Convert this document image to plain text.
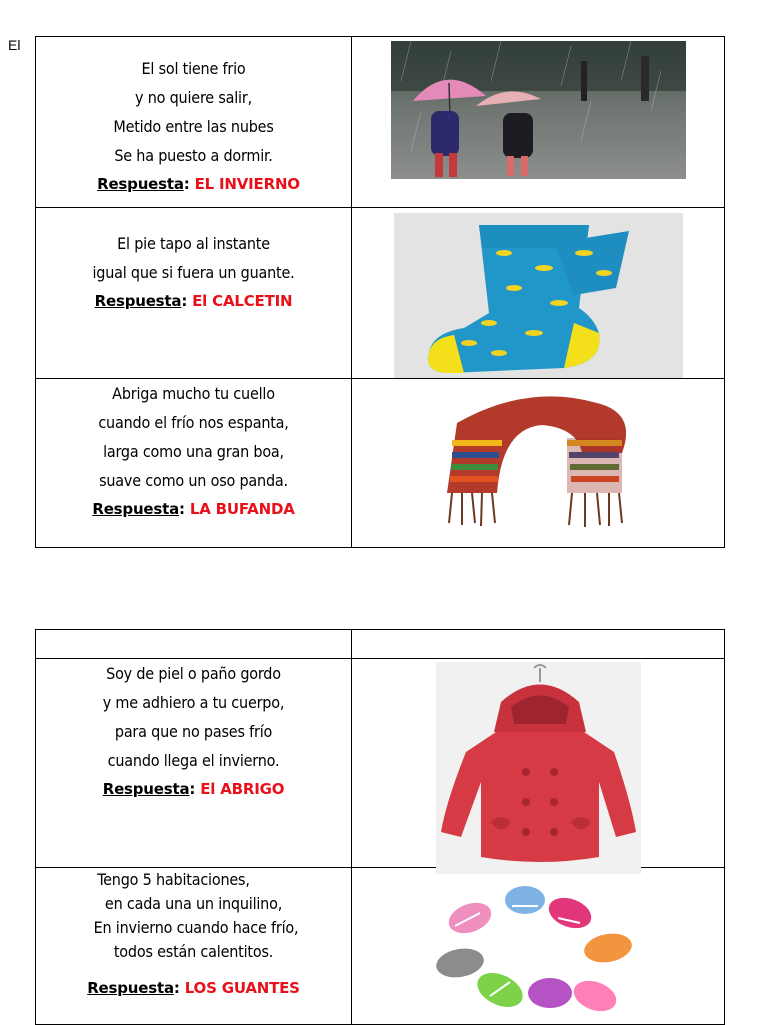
El
El sol tiene frio
y no quiere salir,
Metido entre las nubes
Se ha puesto a dormir.
Respuesta: EL INVIERNO

El pie tapo al instante
igual que si fuera un guante.
Respuesta: El CALCETIN

Abriga mucho tu cuello
cuando el frío nos espanta,
larga como una gran boa,
suave como un oso panda.
Respuesta: LA BUFANDA

Soy de piel o paño gordo
y me adhiero a tu cuerpo,
para que no pases frío
cuando llega el invierno.
Respuesta: El ABRIGO

Tengo 5 habitaciones,
en cada una un inquilino,
En invierno cuando hace frío,
todos están calentitos.
Respuesta: LOS GUANTES
